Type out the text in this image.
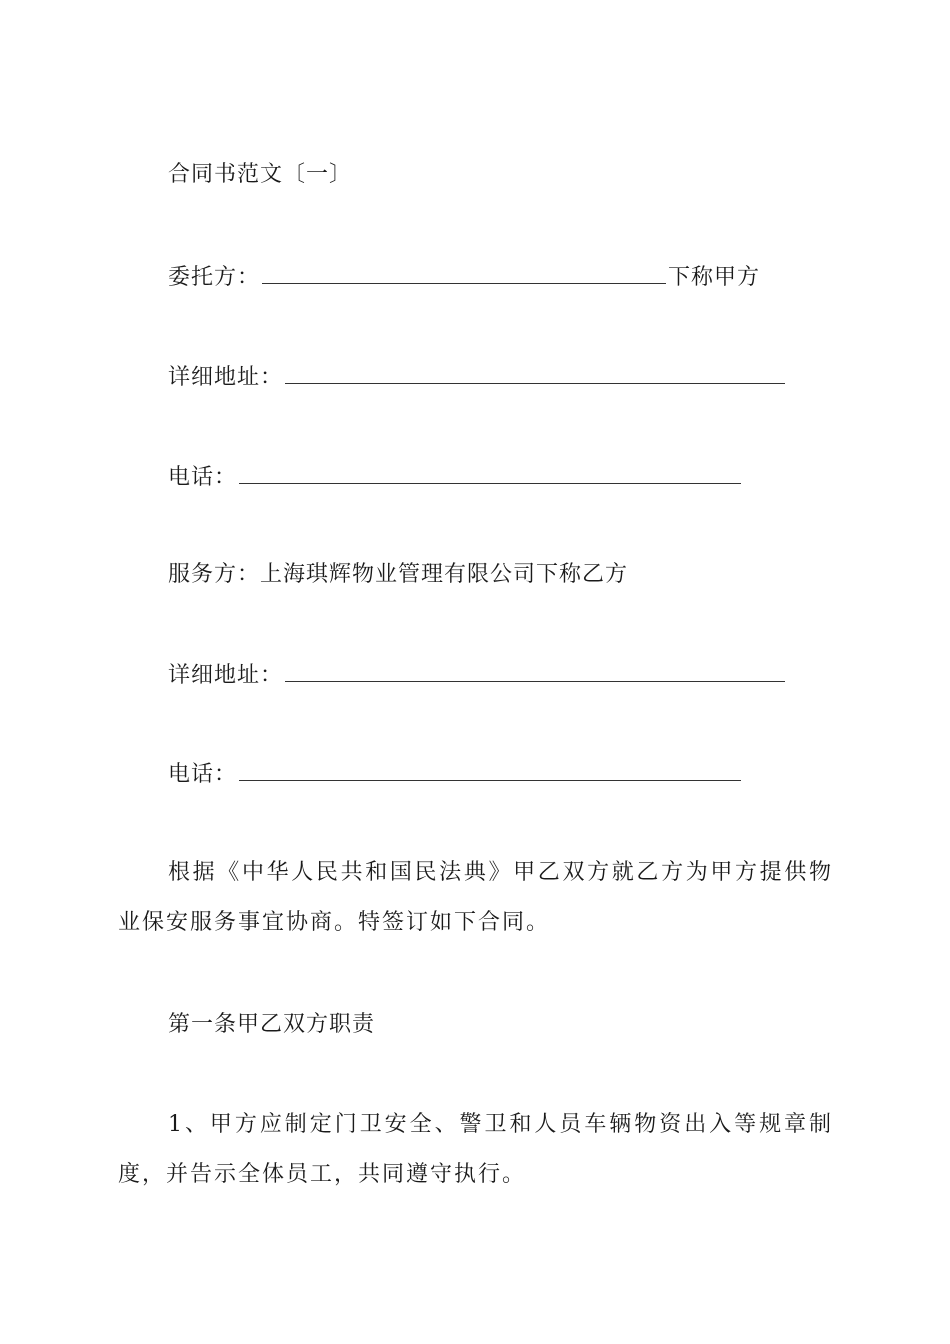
合同书范文〔一〕
委托方：	下称甲方
详细地址：
电话：
服务方：上海琪辉物业管理有限公司下称乙方
详细地址：
电话：
根据《中华人民共和国民法典》甲乙双方就乙方为甲方提供物业保安服务事宜协商。特签订如下合同。
第一条甲乙双方职责
1、甲方应制定门卫安全、警卫和人员车辆物资出入等规章制度，并告示全体员工，共同遵守执行。
